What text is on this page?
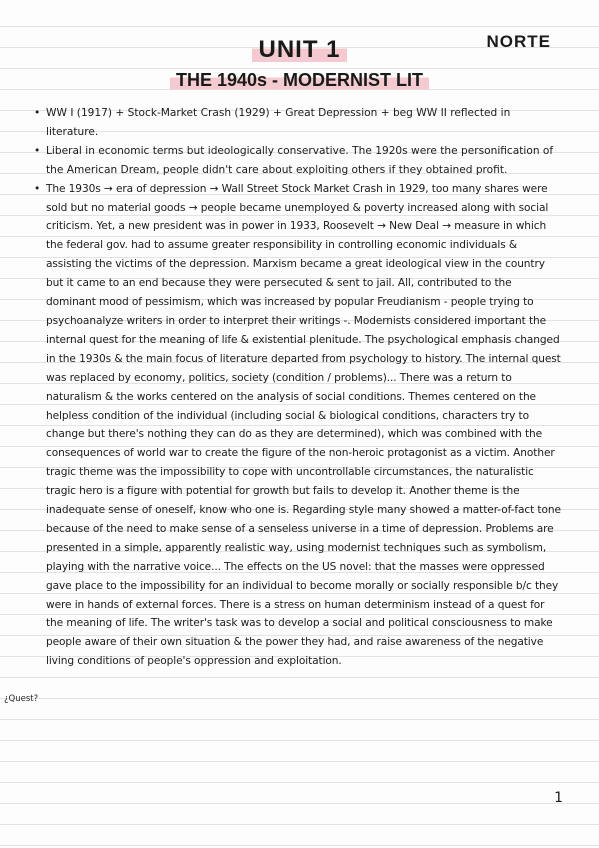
NORTE
UNIT 1
THE 1940s - MODERNIST LIT
• WW I (1917) + Stock-Market Crash (1929) + Great Depression + beg WW II reflected in literature.
• Liberal in economic terms but ideologically conservative. The 1920s were the personification of the American Dream, people didn't care about exploiting others if they obtained profit.
• The 1930s → era of depression → Wall Street Stock Market Crash in 1929, too many shares were sold but no material goods → people became unemployed & poverty increased along with social criticism. Yet, a new president was in power in 1933, Roosevelt → New Deal → measure in which the federal gov. had to assume greater responsibility in controlling economic individuals & assisting the victims of the depression. Marxism became a great ideological view in the country but it came to an end because they were persecuted & sent to jail. All, contributed to the dominant mood of pessimism, which was increased by popular Freudianism - people trying to psychoanalyze writers in order to interpret their writings -. Modernists considered important the internal quest for the meaning of life & existential plenitude. The psychological emphasis changed in the 1930s & the main focus of literature departed from psychology to history. The internal quest was replaced by economy, politics, society (condition / problems)... There was a return to naturalism & the works centered on the analysis of social conditions. Themes centered on the helpless condition of the individual (including social & biological conditions, characters try to change but there's nothing they can do as they are determined), which was combined with the consequences of world war to create the figure of the non-heroic protagonist as a victim. Another tragic theme was the impossibility to cope with uncontrollable circumstances, the naturalistic tragic hero is a figure with potential for growth but fails to develop it. Another theme is the inadequate sense of oneself, know who one is. Regarding style many showed a matter-of-fact tone because of the need to make sense of a senseless universe in a time of depression. Problems are presented in a simple, apparently realistic way, using modernist techniques such as symbolism, playing with the narrative voice... The effects on the US novel: that the masses were oppressed gave place to the impossibility for an individual to become morally or socially responsible b/c they were in hands of external forces. There is a stress on human determinism instead of a quest for the meaning of life. The writer's task was to develop a social and political consciousness to make people aware of their own situation & the power they had, and raise awareness of the negative living conditions of people's oppression and exploitation.
¿Quest?
1
